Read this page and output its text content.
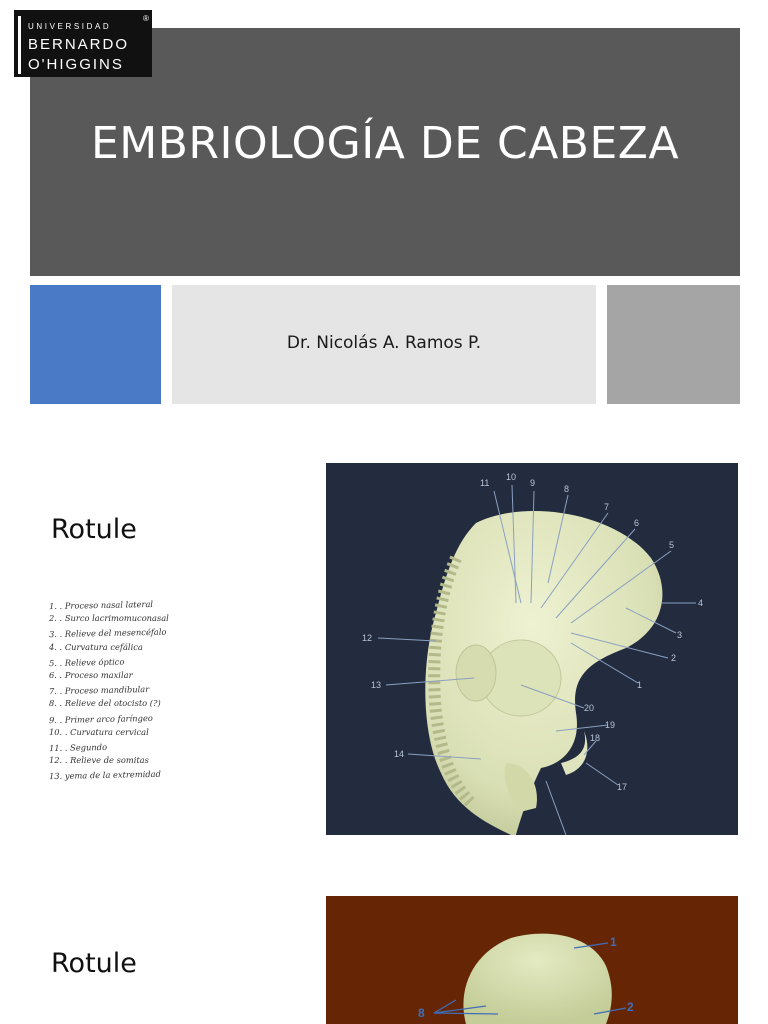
EMBRIOLOGÍA DE CABEZA
UNIVERSIDAD
BERNARDO
O'HIGGINS
®
Dr. Nicolás A. Ramos P.
Rotule
1. . Proceso nasal lateral
2. . Surco lacrimomuconasal
3. . Relieve del mesencéfalo
4. . Curvatura cefálica
5. . Relieve óptico
6. . Proceso maxilar
7. . Proceso mandibular
8. . Relieve del otocisto (?)
9. . Primer arco faríngeo
10. . Curvatura cervical
11. . Segundo
12. . Relieve de somitas
13. yema de la extremidad
11
10
9
8
7
6
5
4
3
2
1
12
13
20
19
18
17
14
Rotule
1
2
8
